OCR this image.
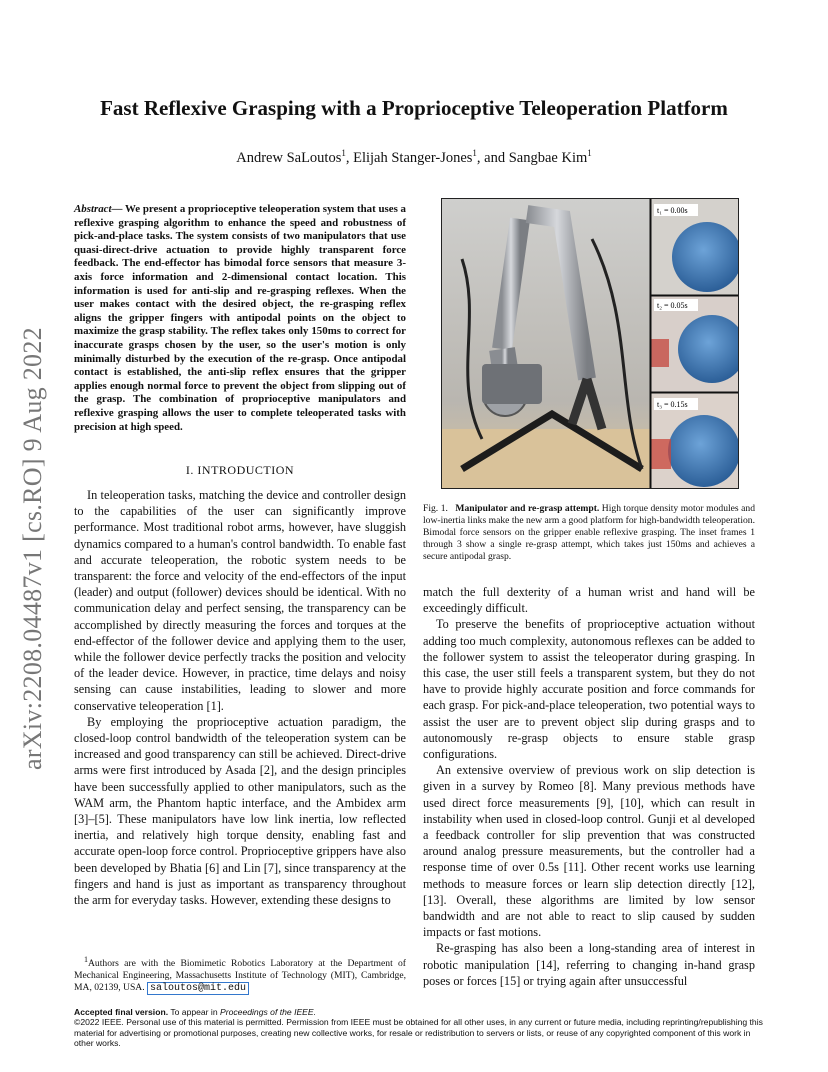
Fast Reflexive Grasping with a Proprioceptive Teleoperation Platform
Andrew SaLoutos$^1$, Elijah Stanger-Jones$^1$, and Sangbae Kim$^1$
arXiv:2208.04487v1 [cs.RO] 9 Aug 2022
Abstract— We present a proprioceptive teleoperation system that uses a reflexive grasping algorithm to enhance the speed and robustness of pick-and-place tasks. The system consists of two manipulators that use quasi-direct-drive actuation to provide highly transparent force feedback. The end-effector has bimodal force sensors that measure 3-axis force information and 2-dimensional contact location. This information is used for anti-slip and re-grasping reflexes. When the user makes contact with the desired object, the re-grasping reflex aligns the gripper fingers with antipodal points on the object to maximize the grasp stability. The reflex takes only 150ms to correct for inaccurate grasps chosen by the user, so the user's motion is only minimally disturbed by the execution of the re-grasp. Once antipodal contact is established, the anti-slip reflex ensures that the gripper applies enough normal force to prevent the object from slipping out of the grasp. The combination of proprioceptive manipulators and reflexive grasping allows the user to complete teleoperated tasks with precision at high speed.
I. INTRODUCTION

In teleoperation tasks, matching the device and controller design to the capabilities of the user can significantly improve performance. Most traditional robot arms, however, have sluggish dynamics compared to a human's control bandwidth. To enable fast and accurate teleoperation, the robotic system needs to be transparent: the force and velocity of the end-effectors of the input (leader) and output (follower) devices should be identical. With no communication delay and perfect sensing, the transparency can be accomplished by directly measuring the forces and torques at the end-effector of the follower device and applying them to the user, while the follower device perfectly tracks the position and velocity of the leader device. However, in practice, time delays and noisy sensing can cause instabilities, leading to slower and more conservative teleoperation [1].

By employing the proprioceptive actuation paradigm, the closed-loop control bandwidth of the teleoperation system can be increased and good transparency can still be achieved. Direct-drive arms were first introduced by Asada [2], and the design principles have been successfully applied to other manipulators, such as the WAM arm, the Phantom haptic interface, and the Ambidex arm [3]–[5]. These manipulators have low link inertia, low reflected inertia, and relatively high torque density, enabling fast and accurate open-loop force control. Proprioceptive grippers have also been developed by Bhatia [6] and Lin [7], since transparency at the fingers and hand is just as important as transparency throughout the arm for everyday tasks. However, extending these designs to

$^1$Authors are with the Biomimetic Robotics Laboratory at the Department of Mechanical Engineering, Massachusetts Institute of Technology (MIT), Cambridge, MA, 02139, USA. saloutos@mit.edu

t₁ = 0.00s
t₂ = 0.05s
t₃ = 0.15s
Fig. 1. Manipulator and re-grasp attempt. High torque density motor modules and low-inertia links make the new arm a good platform for high-bandwidth teleoperation. Bimodal force sensors on the gripper enable reflexive grasping. The inset frames 1 through 3 show a single re-grasp attempt, which takes just 150ms and achieves a secure antipodal grasp.

match the full dexterity of a human wrist and hand will be exceedingly difficult.

To preserve the benefits of proprioceptive actuation without adding too much complexity, autonomous reflexes can be added to the follower system to assist the teleoperator during grasping. In this case, the user still feels a transparent system, but they do not have to provide highly accurate position and force commands for each grasp. For pick-and-place teleoperation, two potential ways to assist the user are to prevent object slip during grasps and to autonomously re-grasp objects to ensure stable grasp configurations.

An extensive overview of previous work on slip detection is given in a survey by Romeo [8]. Many previous methods have used direct force measurements [9], [10], which can result in instability when used in closed-loop control. Gunji et al developed a feedback controller for slip prevention that was constructed around analog pressure measurements, but the controller had a response time of over 0.5s [11]. Other recent works use learning methods to measure forces or learn slip detection directly [12], [13]. Overall, these algorithms are limited by low sensor bandwidth and are not able to react to slip caused by sudden impacts or fast motions.

Re-grasping has also been a long-standing area of interest in robotic manipulation [14], referring to changing in-hand grasp poses or forces [15] or trying again after unsuccessful

Accepted final version. To appear in Proceedings of the IEEE.
©2022 IEEE. Personal use of this material is permitted. Permission from IEEE must be obtained for all other uses, in any current or future media, including reprinting/republishing this material for advertising or promotional purposes, creating new collective works, for resale or redistribution to servers or lists, or reuse of any copyrighted component of this work in other works.
